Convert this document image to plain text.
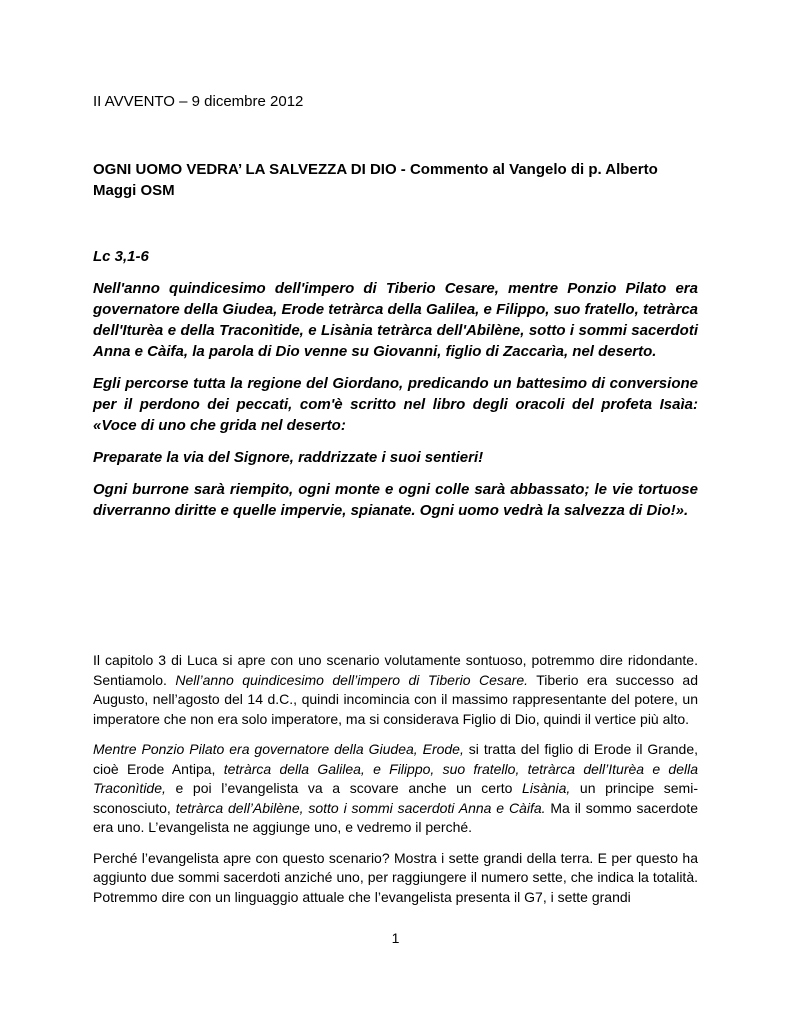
II AVVENTO – 9 dicembre 2012

OGNI UOMO VEDRA’ LA SALVEZZA DI DIO - Commento al Vangelo di p. Alberto Maggi OSM

Lc 3,1-6

Nell'anno quindicesimo dell'impero di Tiberio Cesare, mentre Ponzio Pilato era governatore della Giudea, Erode tetràrca della Galilea, e Filippo, suo fratello, tetràrca dell'Iturèa e della Traconìtide, e Lisània tetràrca dell'Abilène, sotto i sommi sacerdoti Anna e Càifa, la parola di Dio venne su Giovanni, figlio di Zaccarìa, nel deserto.

Egli percorse tutta la regione del Giordano, predicando un battesimo di conversione per il perdono dei peccati, com'è scritto nel libro degli oracoli del profeta Isaìa: «Voce di uno che grida nel deserto:

Preparate la via del Signore, raddrizzate i suoi sentieri!

Ogni burrone sarà riempito, ogni monte e ogni colle sarà abbassato; le vie tortuose diverranno diritte e quelle impervie, spianate. Ogni uomo vedrà la salvezza di Dio!».

Il capitolo 3 di Luca si apre con uno scenario volutamente sontuoso, potremmo dire ridondante. Sentiamolo. Nell’anno quindicesimo dell’impero di Tiberio Cesare. Tiberio era successo ad Augusto, nell’agosto del 14 d.C., quindi incomincia con il massimo rappresentante del potere, un imperatore che non era solo imperatore, ma si considerava Figlio di Dio, quindi il vertice più alto.

Mentre Ponzio Pilato era governatore della Giudea, Erode, si tratta del figlio di Erode il Grande, cioè Erode Antipa, tetràrca della Galilea, e Filippo, suo fratello, tetràrca dell’Iturèa e della Traconìtide, e poi l’evangelista va a scovare anche un certo Lisània, un principe semi-sconosciuto, tetràrca dell’Abilène, sotto i sommi sacerdoti Anna e Càifa. Ma il sommo sacerdote era uno. L’evangelista ne aggiunge uno, e vedremo il perché.

Perché l’evangelista apre con questo scenario? Mostra i sette grandi della terra. E per questo ha aggiunto due sommi sacerdoti anziché uno, per raggiungere il numero sette, che indica la totalità. Potremmo dire con un linguaggio attuale che l’evangelista presenta il G7, i sette grandi

1
